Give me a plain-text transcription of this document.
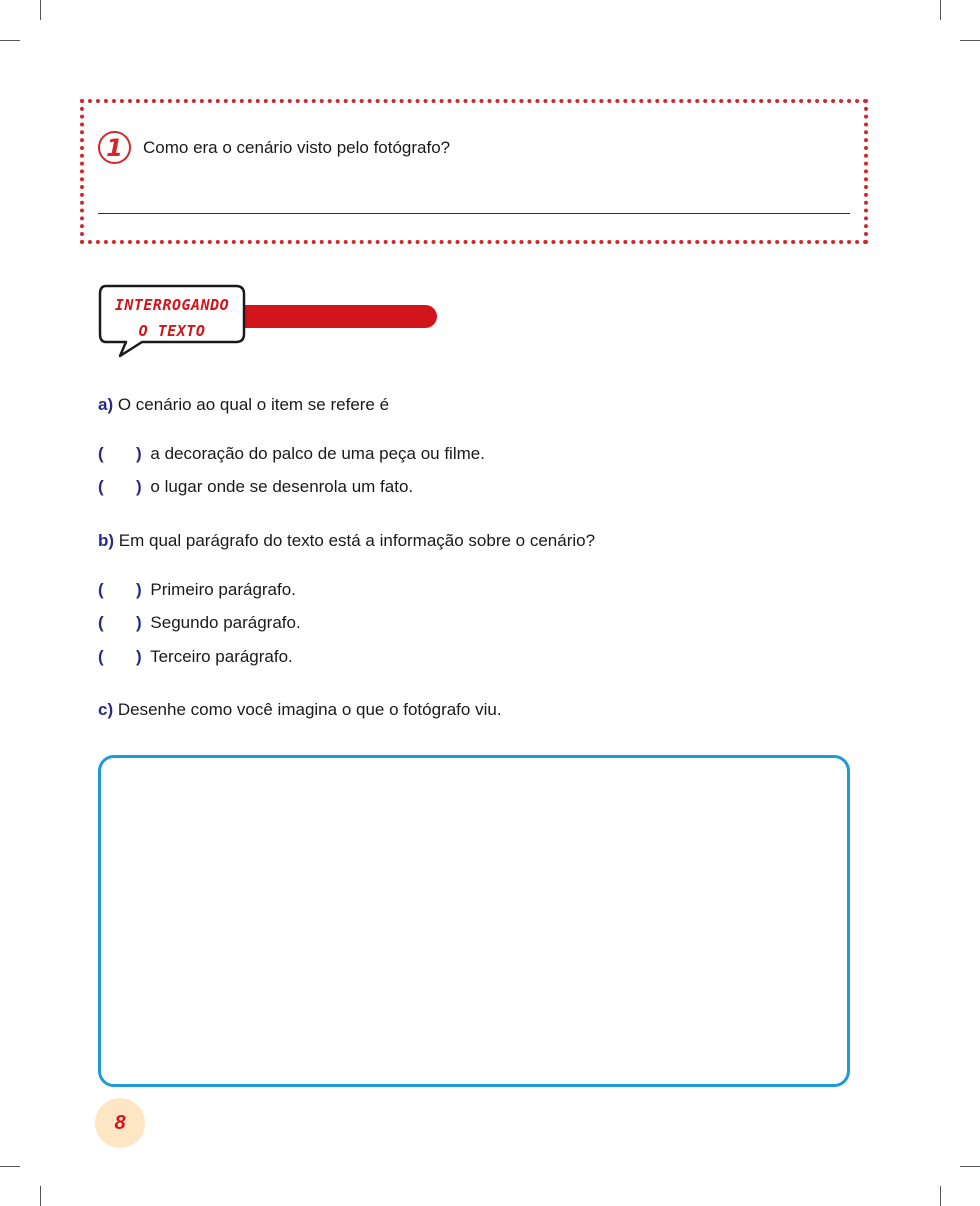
1	Como era o cenário visto pelo fotógrafo?
INTERROGANDO
O TEXTO
a) O cenário ao qual o item se refere é
( ) a decoração do palco de uma peça ou filme.
( ) o lugar onde se desenrola um fato.
b) Em qual parágrafo do texto está a informação sobre o cenário?
( ) Primeiro parágrafo.
( ) Segundo parágrafo.
( ) Terceiro parágrafo.
c) Desenhe como você imagina o que o fotógrafo viu.
8
